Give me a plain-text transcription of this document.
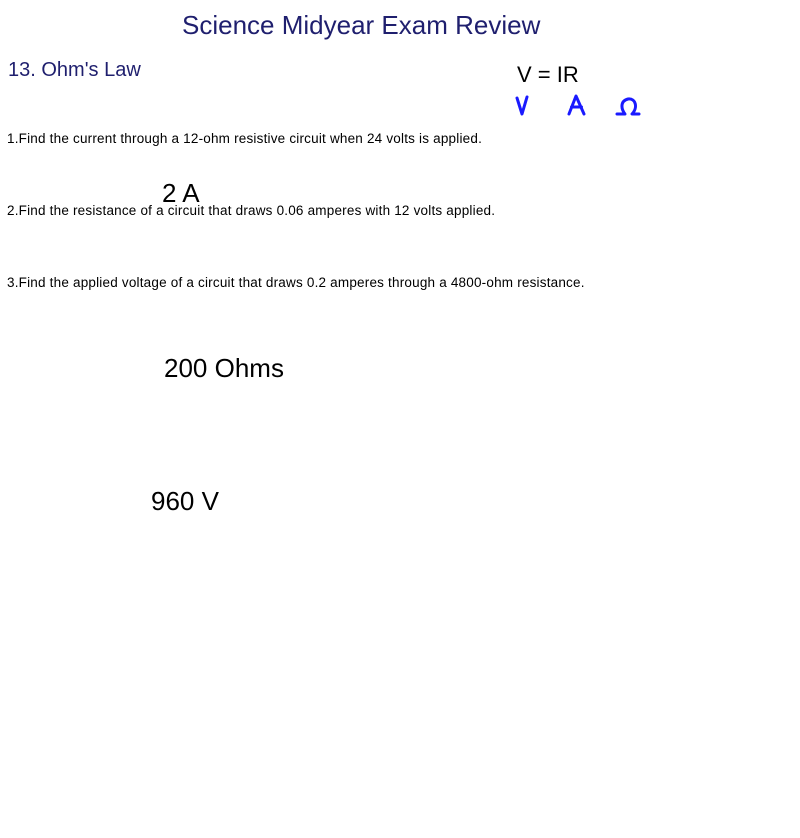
Science Midyear Exam Review
13. Ohm's Law	V = IR
1.Find the current through a 12-ohm resistive circuit when 24 volts is applied.
2.Find the resistance of a circuit that draws 0.06 amperes with 12 volts applied.
3.Find the applied voltage of a circuit that draws 0.2 amperes through a 4800-ohm resistance.
2 A
200 Ohms
960 V
